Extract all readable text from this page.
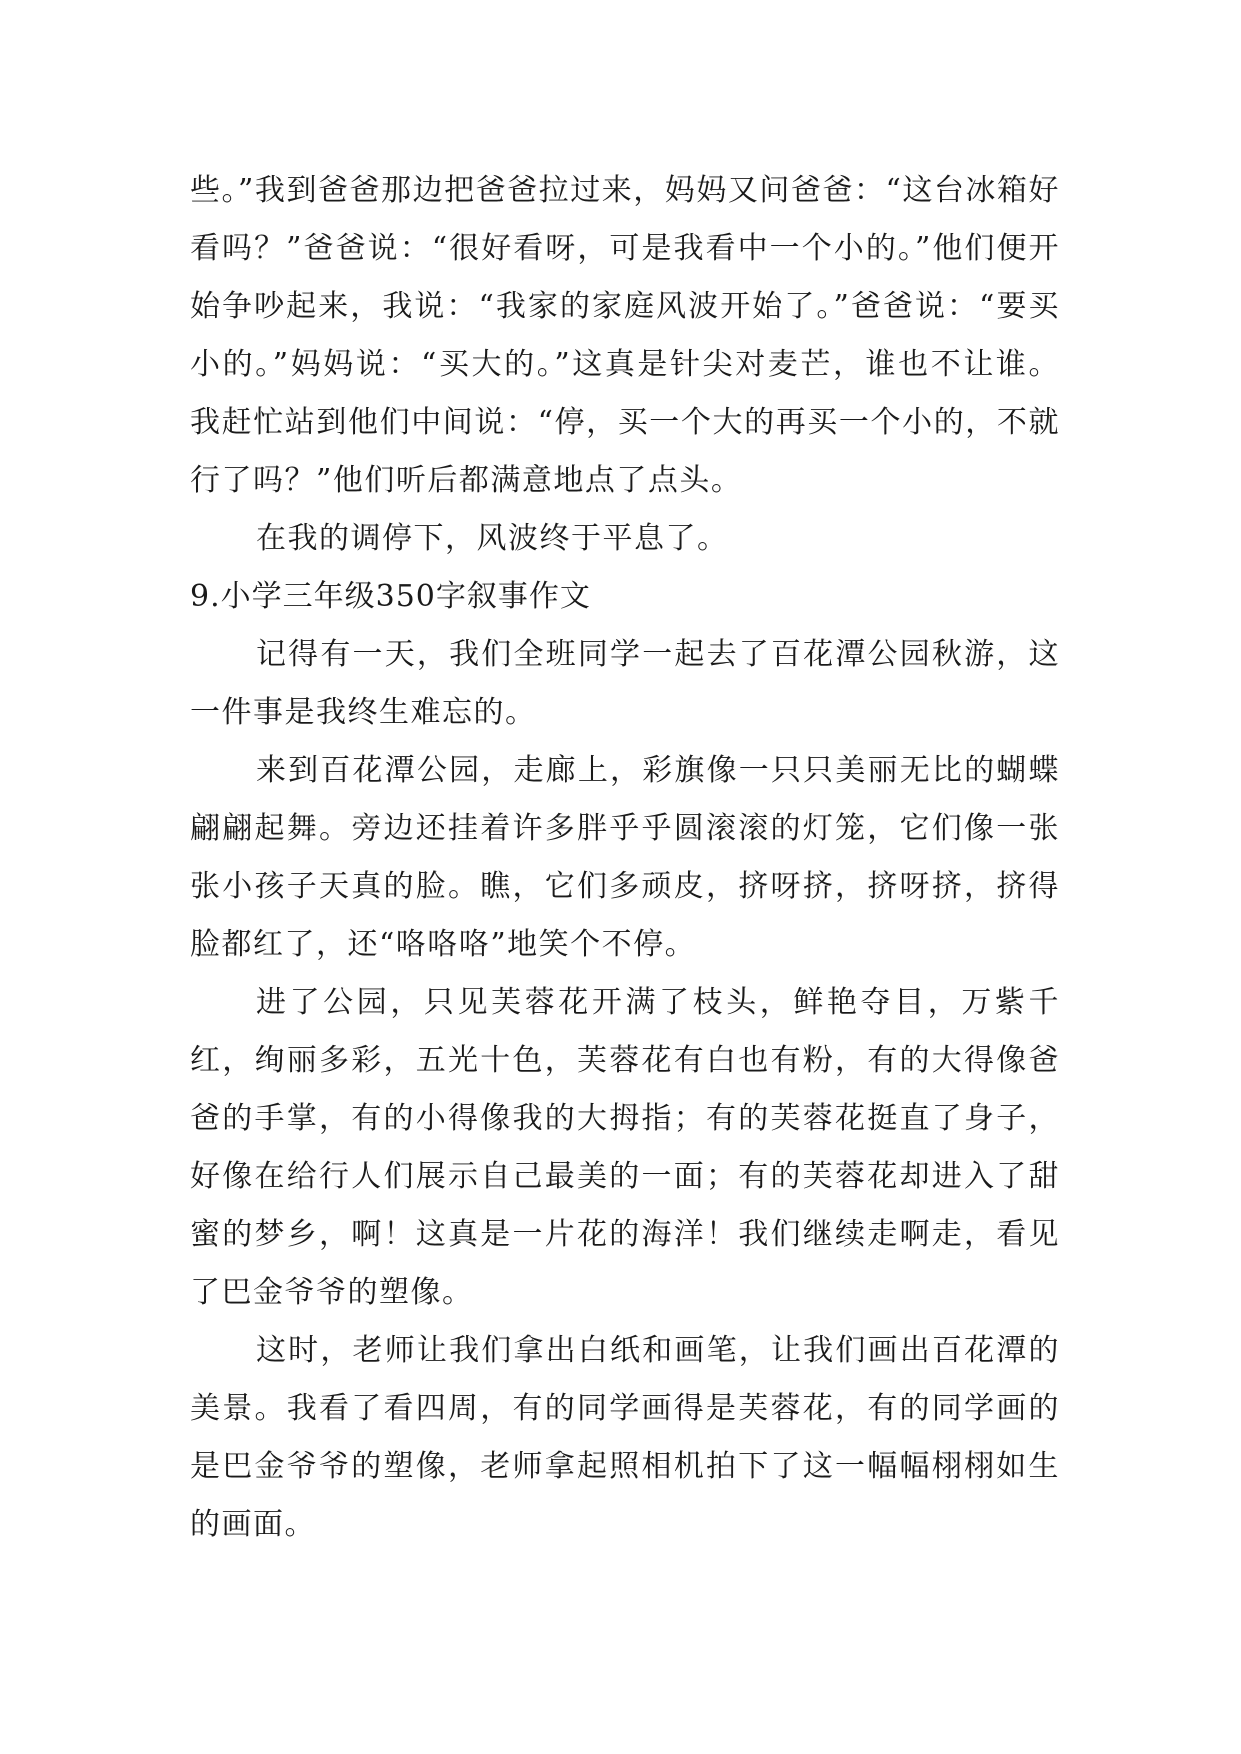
些。”我到爸爸那边把爸爸拉过来，妈妈又问爸爸：“这台冰箱好看吗？”爸爸说：“很好看呀，可是我看中一个小的。”他们便开始争吵起来，我说：“我家的家庭风波开始了。”爸爸说：“要买小的。”妈妈说：“买大的。”这真是针尖对麦芒，谁也不让谁。我赶忙站到他们中间说：“停，买一个大的再买一个小的，不就行了吗？”他们听后都满意地点了点头。

在我的调停下，风波终于平息了。

9.小学三年级350字叙事作文

记得有一天，我们全班同学一起去了百花潭公园秋游，这一件事是我终生难忘的。

来到百花潭公园，走廊上，彩旗像一只只美丽无比的蝴蝶翩翩起舞。旁边还挂着许多胖乎乎圆滚滚的灯笼，它们像一张张小孩子天真的脸。瞧，它们多顽皮，挤呀挤，挤呀挤，挤得脸都红了，还“咯咯咯”地笑个不停。

进了公园，只见芙蓉花开满了枝头，鲜艳夺目，万紫千红，绚丽多彩，五光十色，芙蓉花有白也有粉，有的大得像爸爸的手掌，有的小得像我的大拇指；有的芙蓉花挺直了身子，好像在给行人们展示自己最美的一面；有的芙蓉花却进入了甜蜜的梦乡，啊！这真是一片花的海洋！我们继续走啊走，看见了巴金爷爷的塑像。

这时，老师让我们拿出白纸和画笔，让我们画出百花潭的美景。我看了看四周，有的同学画得是芙蓉花，有的同学画的是巴金爷爷的塑像，老师拿起照相机拍下了这一幅幅栩栩如生的画面。
